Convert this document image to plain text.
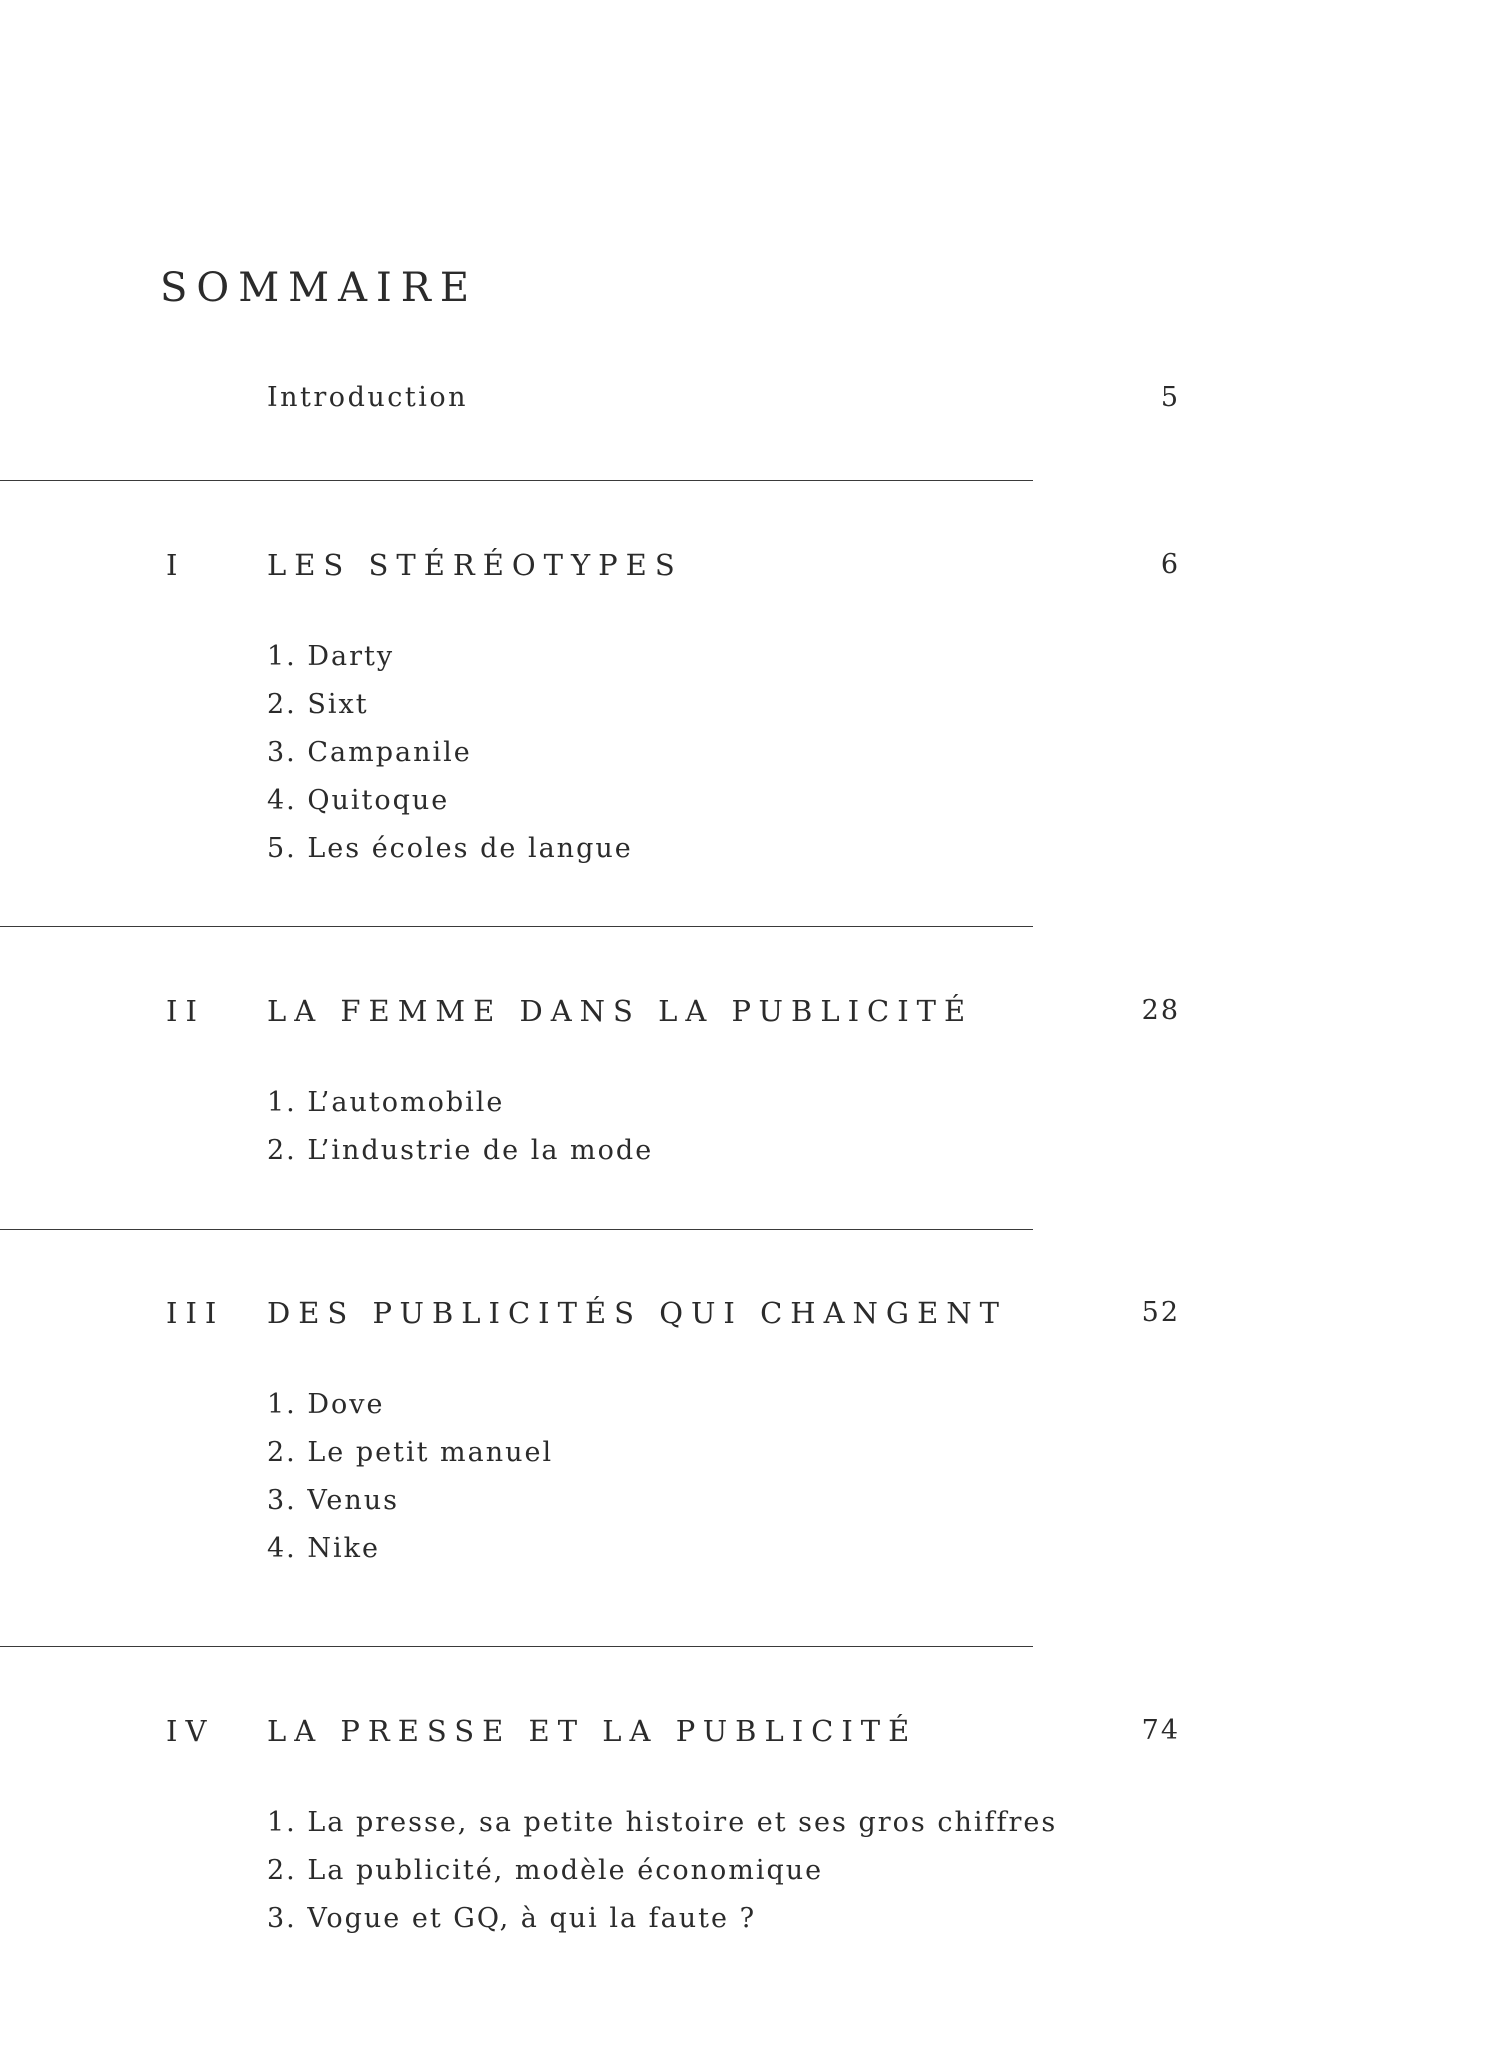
SOMMAIRE
Introduction	5
I	LES STÉRÉOTYPES	6
1. Darty
2. Sixt
3. Campanile
4. Quitoque
5. Les écoles de langue
II LA FEMME DANS LA PUBLICITÉ	28
1. L’automobile
2. L’industrie de la mode
III DES PUBLICITÉS QUI CHANGENT	52
1. Dove
2. Le petit manuel
3. Venus
4. Nike
IV LA PRESSE ET LA PUBLICITÉ	74
1. La presse, sa petite histoire et ses gros chiffres
2. La publicité, modèle économique
3. Vogue et GQ, à qui la faute ?
